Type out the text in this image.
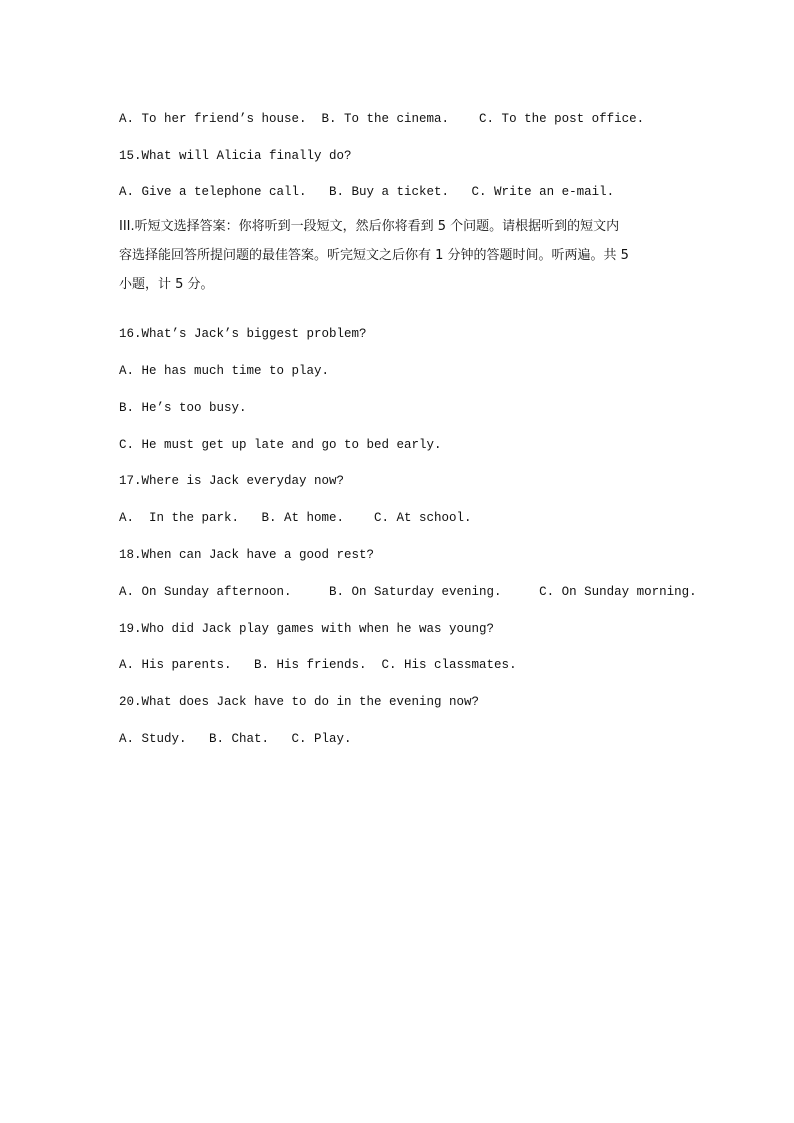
A. To her friend’s house.  B. To the cinema.    C. To the post office.
15.What will Alicia finally do?
A. Give a telephone call.   B. Buy a ticket.   C. Write an e-mail.
III.听短文选择答案：你将听到一段短文，然后你将看到 5 个问题。请根据听到的短文内
容选择能回答所提问题的最佳答案。听完短文之后你有 1 分钟的答题时间。听两遍。共 5
小题，计 5 分。
16.What’s Jack’s biggest problem?
A. He has much time to play.
B. He’s too busy.
C. He must get up late and go to bed early.
17.Where is Jack everyday now?
A.  In the park.   B. At home.    C. At school.
18.When can Jack have a good rest?
A. On Sunday afternoon.     B. On Saturday evening.     C. On Sunday morning.
19.Who did Jack play games with when he was young?
A. His parents.   B. His friends.  C. His classmates.
20.What does Jack have to do in the evening now?
A. Study.   B. Chat.   C. Play.
